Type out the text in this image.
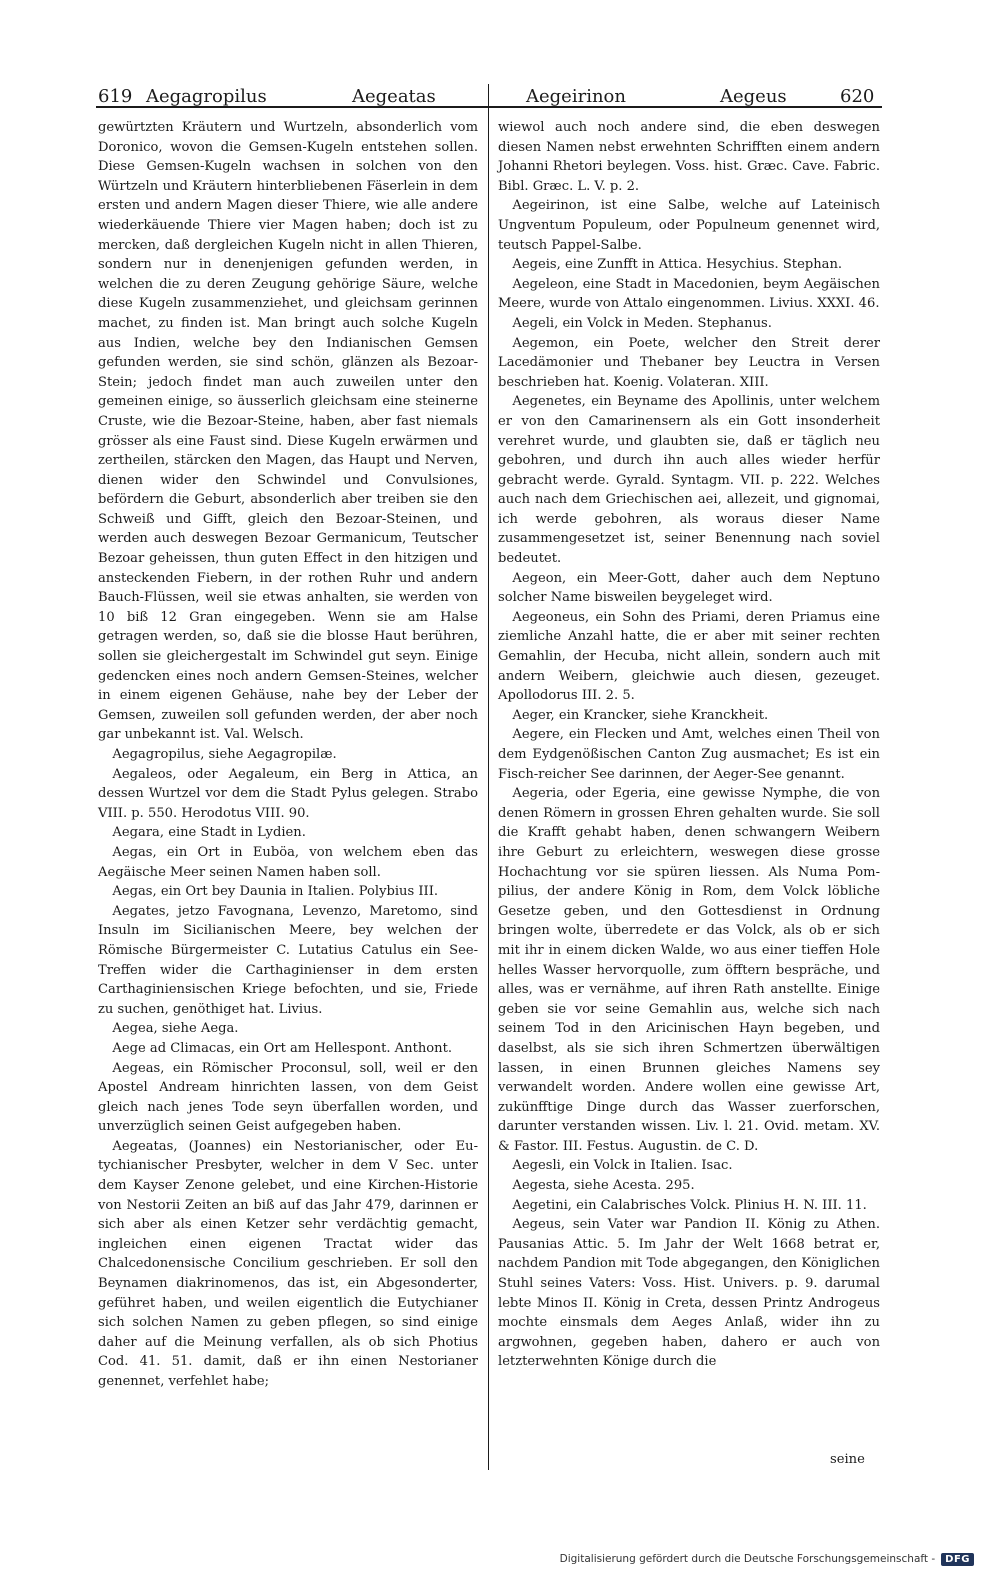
619 Aegagropilus	Aegeatas	Aegeirinon	Aegeus	620

gewürtzten Kräutern und Wurtzeln, absonderlich vom Doronico, wovon die Gemsen-Kugeln entstehen sollen. Diese Gemsen-Kugeln wachsen in solchen von den Würtzeln und Kräutern hinterbliebenen Fäserlein in dem ersten und andern Magen dieser Thiere, wie alle andere wiederkäuende Thiere vier Magen haben; doch ist zu mercken, daß dergleichen Kugeln nicht in allen Thieren, sondern nur in denenjenigen gefunden werden, in welchen die zu deren Zeugung gehörige Säure, welche diese Kugeln zusammenziehet, und gleichsam gerinnen machet, zu finden ist. Man bringt auch solche Kugeln aus Indien, welche bey den Indianischen Gemsen gefunden werden, sie sind schön, glänzen als Bezoar-Stein; jedoch findet man auch zuweilen unter den gemeinen einige, so äusserlich gleichsam eine steinerne Cruste, wie die Bezoar-Steine, haben, aber fast niemals grösser als eine Faust sind. Diese Kugeln erwärmen und zertheilen, stärcken den Magen, das Haupt und Nerven, dienen wider den Schwindel und Convulsiones, befördern die Geburt, absonderlich aber treiben sie den Schweiß und Gifft, gleich den Bezoar-Steinen, und werden auch deswegen Bezoar Germanicum, Teutscher Bezoar geheissen, thun guten Effect in den hitzigen und ansteckenden Fiebern, in der rothen Ruhr und andern Bauch-Flüssen, weil sie etwas anhalten, sie werden von 10 biß 12 Gran eingegeben. Wenn sie am Halse getragen werden, so, daß sie die blosse Haut berühren, sollen sie gleichergestalt im Schwindel gut seyn. Einige gedencken eines noch andern Gemsen-Steines, welcher in einem eigenen Gehäuse, nahe bey der Leber der Gemsen, zuweilen soll gefunden werden, der aber noch gar unbekannt ist. Val. Welsch.

Aegagropilus, siehe Aegagropilæ.

Aegaleos, oder Aegaleum, ein Berg in Attica, an dessen Wurtzel vor dem die Stadt Pylus gelegen. Strabo VIII. p. 550. Herodotus VIII. 90.

Aegara, eine Stadt in Lydien.

Aegas, ein Ort in Euböa, von welchem eben das Aegäische Meer seinen Namen haben soll.

Aegas, ein Ort bey Daunia in Italien. Polybius III.

Aegates, jetzo Favognana, Levenzo, Maretomo, sind Insuln im Sicilianischen Meere, bey welchen der Römische Bürgermeister C. Lutatius Catulus ein See-Treffen wider die Carthaginienser in dem ersten Carthaginiensischen Kriege befochten, und sie, Friede zu suchen, genöthiget hat. Livius.

Aegea, siehe Aega.

Aege ad Climacas, ein Ort am Hellespont. Anthont.

Aegeas, ein Römischer Proconsul, soll, weil er den Apostel Andream hinrichten lassen, von dem Geist gleich nach jenes Tode seyn überfallen worden, und unverzüglich seinen Geist aufgegeben haben.

Aegeatas, (Joannes) ein Nestorianischer, oder Eutychianischer Presbyter, welcher in dem V Sec. unter dem Kayser Zenone gelebet, und eine Kirchen-Historie von Nestorii Zeiten an biß auf das Jahr 479, darinnen er sich aber als einen Ketzer sehr verdächtig gemacht, ingleichen einen eigenen Tractat wider das Chalcedonensische Concilium geschrieben. Er soll den Beynamen diakrinomenos, das ist, ein Abgesonderter, geführet haben, und weilen eigentlich die Eutychianer sich solchen Namen zu geben pflegen, so sind einige daher auf die Meinung verfallen, als ob sich Photius Cod. 41. 51. damit, daß er ihn einen Nestorianer genennet, verfehlet habe;

wiewol auch noch andere sind, die eben deswegen diesen Namen nebst erwehnten Schrifften einem andern Johanni Rhetori beylegen. Voss. hist. Græc. Cave. Fabric. Bibl. Græc. L. V. p. 2.

Aegeirinon, ist eine Salbe, welche auf Lateinisch Ungventum Populeum, oder Populneum genennet wird, teutsch Pappel-Salbe.

Aegeis, eine Zunfft in Attica. Hesychius. Stephan.

Aegeleon, eine Stadt in Macedonien, beym Aegäischen Meere, wurde von Attalo eingenommen. Livius. XXXI. 46.

Aegeli, ein Volck in Meden. Stephanus.

Aegemon, ein Poete, welcher den Streit derer Lacedämonier und Thebaner bey Leuctra in Versen beschrieben hat. Koenig. Volateran. XIII.

Aegenetes, ein Beyname des Apollinis, unter welchem er von den Camarinensern als ein Gott insonderheit verehret wurde, und glaubten sie, daß er täglich neu gebohren, und durch ihn auch alles wieder herfür gebracht werde. Gyrald. Syntagm. VII. p. 222. Welches auch nach dem Griechischen aei, allezeit, und gignomai, ich werde gebohren, als woraus dieser Name zusammengesetzet ist, seiner Benennung nach soviel bedeutet.

Aegeon, ein Meer-Gott, daher auch dem Neptuno solcher Name bisweilen beygeleget wird.

Aegeoneus, ein Sohn des Priami, deren Priamus eine ziemliche Anzahl hatte, die er aber mit seiner rechten Gemahlin, der Hecuba, nicht allein, sondern auch mit andern Weibern, gleichwie auch diesen, gezeuget. Apollodorus III. 2. 5.

Aeger, ein Krancker, siehe Kranckheit.

Aegere, ein Flecken und Amt, welches einen Theil von dem Eydgenößischen Canton Zug ausmachet; Es ist ein Fisch-reicher See darinnen, der Aeger-See genannt.

Aegeria, oder Egeria, eine gewisse Nymphe, die von denen Römern in grossen Ehren gehalten wurde. Sie soll die Krafft gehabt haben, denen schwangern Weibern ihre Geburt zu erleichtern, weswegen diese grosse Hochachtung vor sie spüren liessen. Als Numa Pompilius, der andere König in Rom, dem Volck löbliche Gesetze geben, und den Gottesdienst in Ordnung bringen wolte, überredete er das Volck, als ob er sich mit ihr in einem dicken Walde, wo aus einer tieffen Hole helles Wasser hervorquolle, zum öfftern bespräche, und alles, was er vernähme, auf ihren Rath anstellte. Einige geben sie vor seine Gemahlin aus, welche sich nach seinem Tod in den Aricinischen Hayn begeben, und daselbst, als sie sich ihren Schmertzen überwältigen lassen, in einen Brunnen gleiches Namens sey verwandelt worden. Andere wollen eine gewisse Art, zukünfftige Dinge durch das Wasser zuerforschen, darunter verstanden wissen. Liv. l. 21. Ovid. metam. XV. & Fastor. III. Festus. Augustin. de C. D.

Aegesli, ein Volck in Italien. Isac.

Aegesta, siehe Acesta. 295.

Aegetini, ein Calabrisches Volck. Plinius H. N. III. 11.

Aegeus, sein Vater war Pandion II. König zu Athen. Pausanias Attic. 5. Im Jahr der Welt 1668 betrat er, nachdem Pandion mit Tode abgegangen, den Königlichen Stuhl seines Vaters: Voss. Hist. Univers. p. 9. darumal lebte Minos II. König in Creta, dessen Printz Androgeus mochte einsmals dem Aeges Anlaß, wider ihn zu argwohnen, gegeben haben, dahero er auch von letzterwehnten Könige durch die

seine
Digitalisierung gefördert durch die Deutsche Forschungsgemeinschaft -	DFG
